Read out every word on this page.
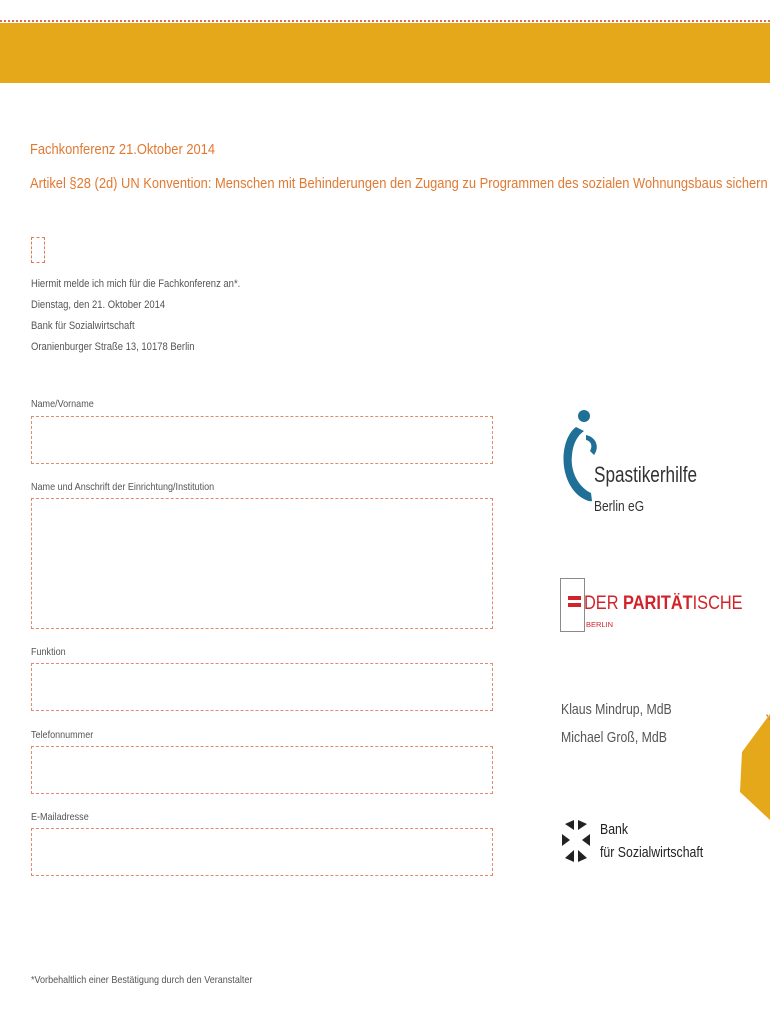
Fachkonferenz 21.Oktober 2014
Artikel §28 (2d) UN Konvention: Menschen mit Behinderungen den Zugang zu Programmen des sozialen Wohnungsbaus sichern
Hiermit melde ich mich für die Fachkonferenz an*.
Dienstag, den 21. Oktober 2014
Bank für Sozialwirtschaft
Oranienburger Straße 13, 10178 Berlin
Name/Vorname
Name und Anschrift der Einrichtung/Institution
Funktion
Telefonnummer
E-Mailadresse
*Vorbehaltlich einer Bestätigung durch den Veranstalter
Spastikerhilfe
Berlin eG
DER PARITÄTISCHE
BERLIN
Klaus Mindrup, MdB
Michael Groß, MdB
Bank
für Sozialwirtschaft
